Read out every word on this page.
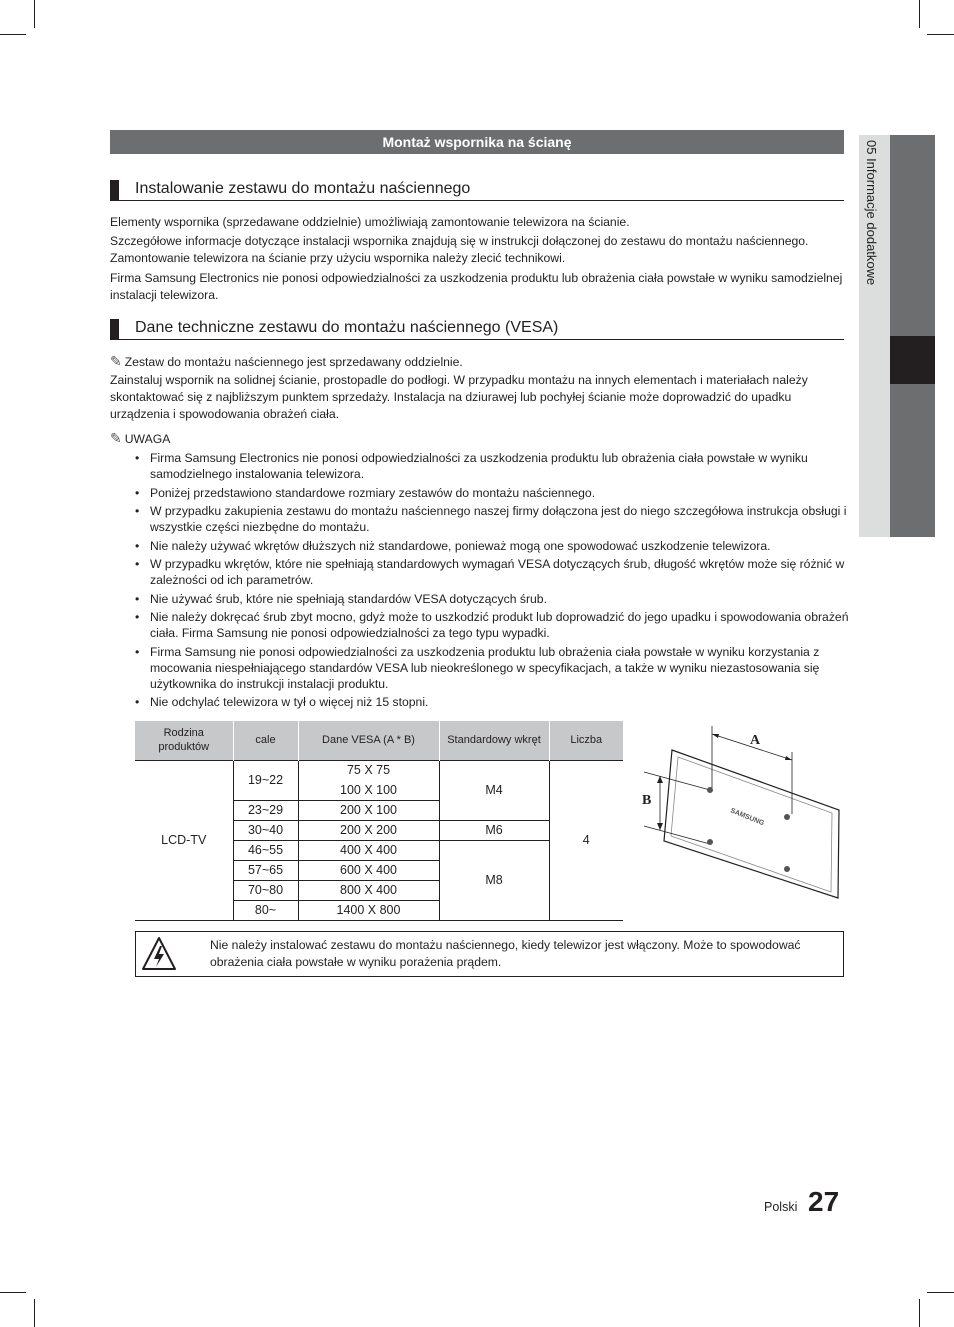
Montaż wspornika na ścianę
Instalowanie zestawu do montażu naściennego
Elementy wspornika (sprzedawane oddzielnie) umożliwiają zamontowanie telewizora na ścianie.
Szczegółowe informacje dotyczące instalacji wspornika znajdują się w instrukcji dołączonej do zestawu do montażu naściennego. Zamontowanie telewizora na ścianie przy użyciu wspornika należy zlecić technikowi.
Firma Samsung Electronics nie ponosi odpowiedzialności za uszkodzenia produktu lub obrażenia ciała powstałe w wyniku samodzielnej instalacji telewizora.
Dane techniczne zestawu do montażu naściennego (VESA)
✎ Zestaw do montażu naściennego jest sprzedawany oddzielnie.
Zainstaluj wspornik na solidnej ścianie, prostopadle do podłogi. W przypadku montażu na innych elementach i materiałach należy skontaktować się z najbliższym punktem sprzedaży. Instalacja na dziurawej lub pochyłej ścianie może doprowadzić do upadku urządzenia i spowodowania obrażeń ciała.
✎ UWAGA
• Firma Samsung Electronics nie ponosi odpowiedzialności za uszkodzenia produktu lub obrażenia ciała powstałe w wyniku samodzielnego instalowania telewizora.
• Poniżej przedstawiono standardowe rozmiary zestawów do montażu naściennego.
• W przypadku zakupienia zestawu do montażu naściennego naszej firmy dołączona jest do niego szczegółowa instrukcja obsługi i wszystkie części niezbędne do montażu.
• Nie należy używać wkrętów dłuższych niż standardowe, ponieważ mogą one spowodować uszkodzenie telewizora.
• W przypadku wkrętów, które nie spełniają standardowych wymagań VESA dotyczących śrub, długość wkrętów może się różnić w zależności od ich parametrów.
• Nie używać śrub, które nie spełniają standardów VESA dotyczących śrub.
• Nie należy dokręcać śrub zbyt mocno, gdyż może to uszkodzić produkt lub doprowadzić do jego upadku i spowodowania obrażeń ciała. Firma Samsung nie ponosi odpowiedzialności za tego typu wypadki.
• Firma Samsung nie ponosi odpowiedzialności za uszkodzenia produktu lub obrażenia ciała powstałe w wyniku korzystania z mocowania niespełniającego standardów VESA lub nieokreślonego w specyfikacjach, a także w wyniku niezastosowania się użytkownika do instrukcji instalacji produktu.
• Nie odchylać telewizora w tył o więcej niż 15 stopni.
Rodzina produktów	cale	Dane VESA (A * B)	Standardowy wkręt	Liczba
LCD-TV	19~22	75 X 75	M4	4
		100 X 100		
	23~29	200 X 100		
	30~40	200 X 200	M6	
	46~55	400 X 400	M8	
	57~65	600 X 400		
	70~80	800 X 400		
	80~	1400 X 800		
A
B
SAMSUNG
Nie należy instalować zestawu do montażu naściennego, kiedy telewizor jest włączony. Może to spowodować obrażenia ciała powstałe w wyniku porażenia prądem.
05 Informacje dodatkowe
Polski 27
